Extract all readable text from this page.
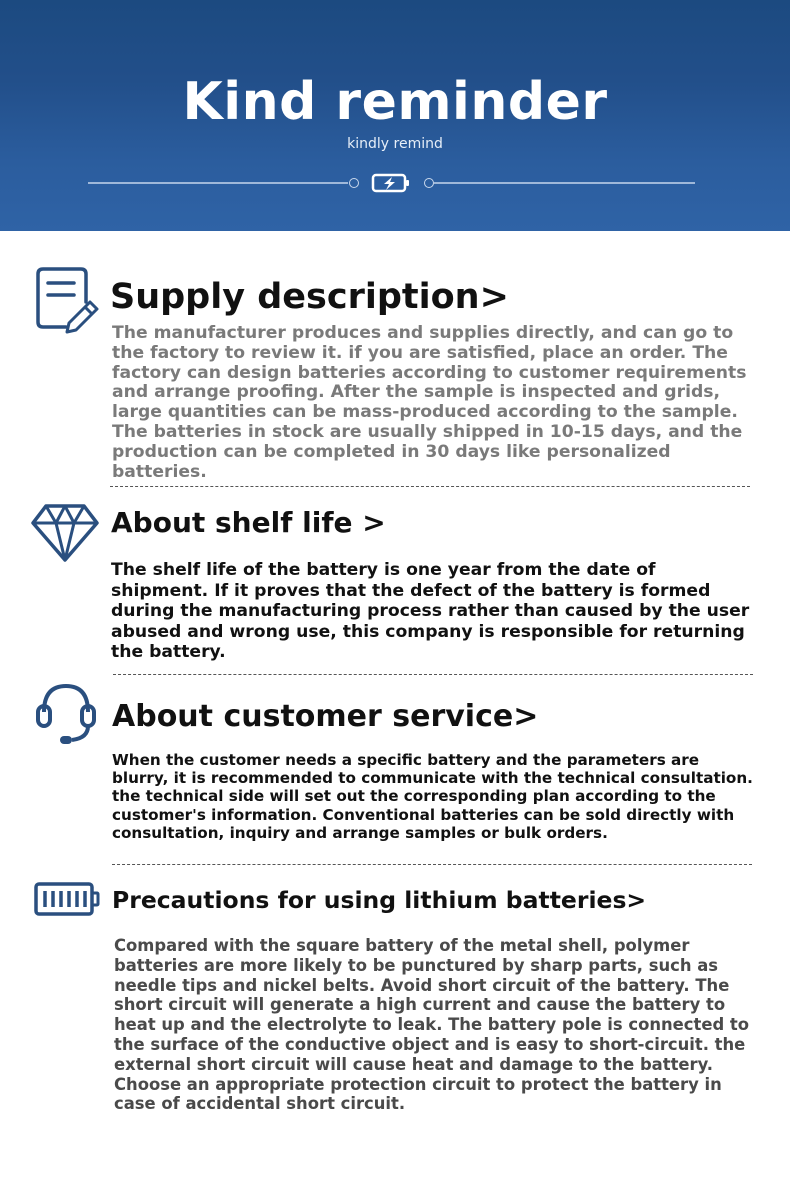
Kind reminder
kindly remind
Supply description>
The manufacturer produces and supplies directly, and can go to the factory to review it. if you are satisfied, place an order. The factory can design batteries according to customer requirements and arrange proofing. After the sample is inspected and grids, large quantities can be mass-produced according to the sample. The batteries in stock are usually shipped in 10-15 days, and the production can be completed in 30 days like personalized batteries.
About shelf life >
The shelf life of the battery is one year from the date of shipment. If it proves that the defect of the battery is formed during the manufacturing process rather than caused by the user abused and wrong use, this company is responsible for returning the battery.
About customer service>
When the customer needs a specific battery and the parameters are blurry, it is recommended to communicate with the technical consultation. the technical side will set out the corresponding plan according to the customer's information. Conventional batteries can be sold directly with consultation, inquiry and arrange samples or bulk orders.
Precautions for using lithium batteries>
Compared with the square battery of the metal shell, polymer batteries are more likely to be punctured by sharp parts, such as needle tips and nickel belts. Avoid short circuit of the battery. The short circuit will generate a high current and cause the battery to heat up and the electrolyte to leak. The battery pole is connected to the surface of the conductive object and is easy to short-circuit. the external short circuit will cause heat and damage to the battery. Choose an appropriate protection circuit to protect the battery in case of accidental short circuit.
